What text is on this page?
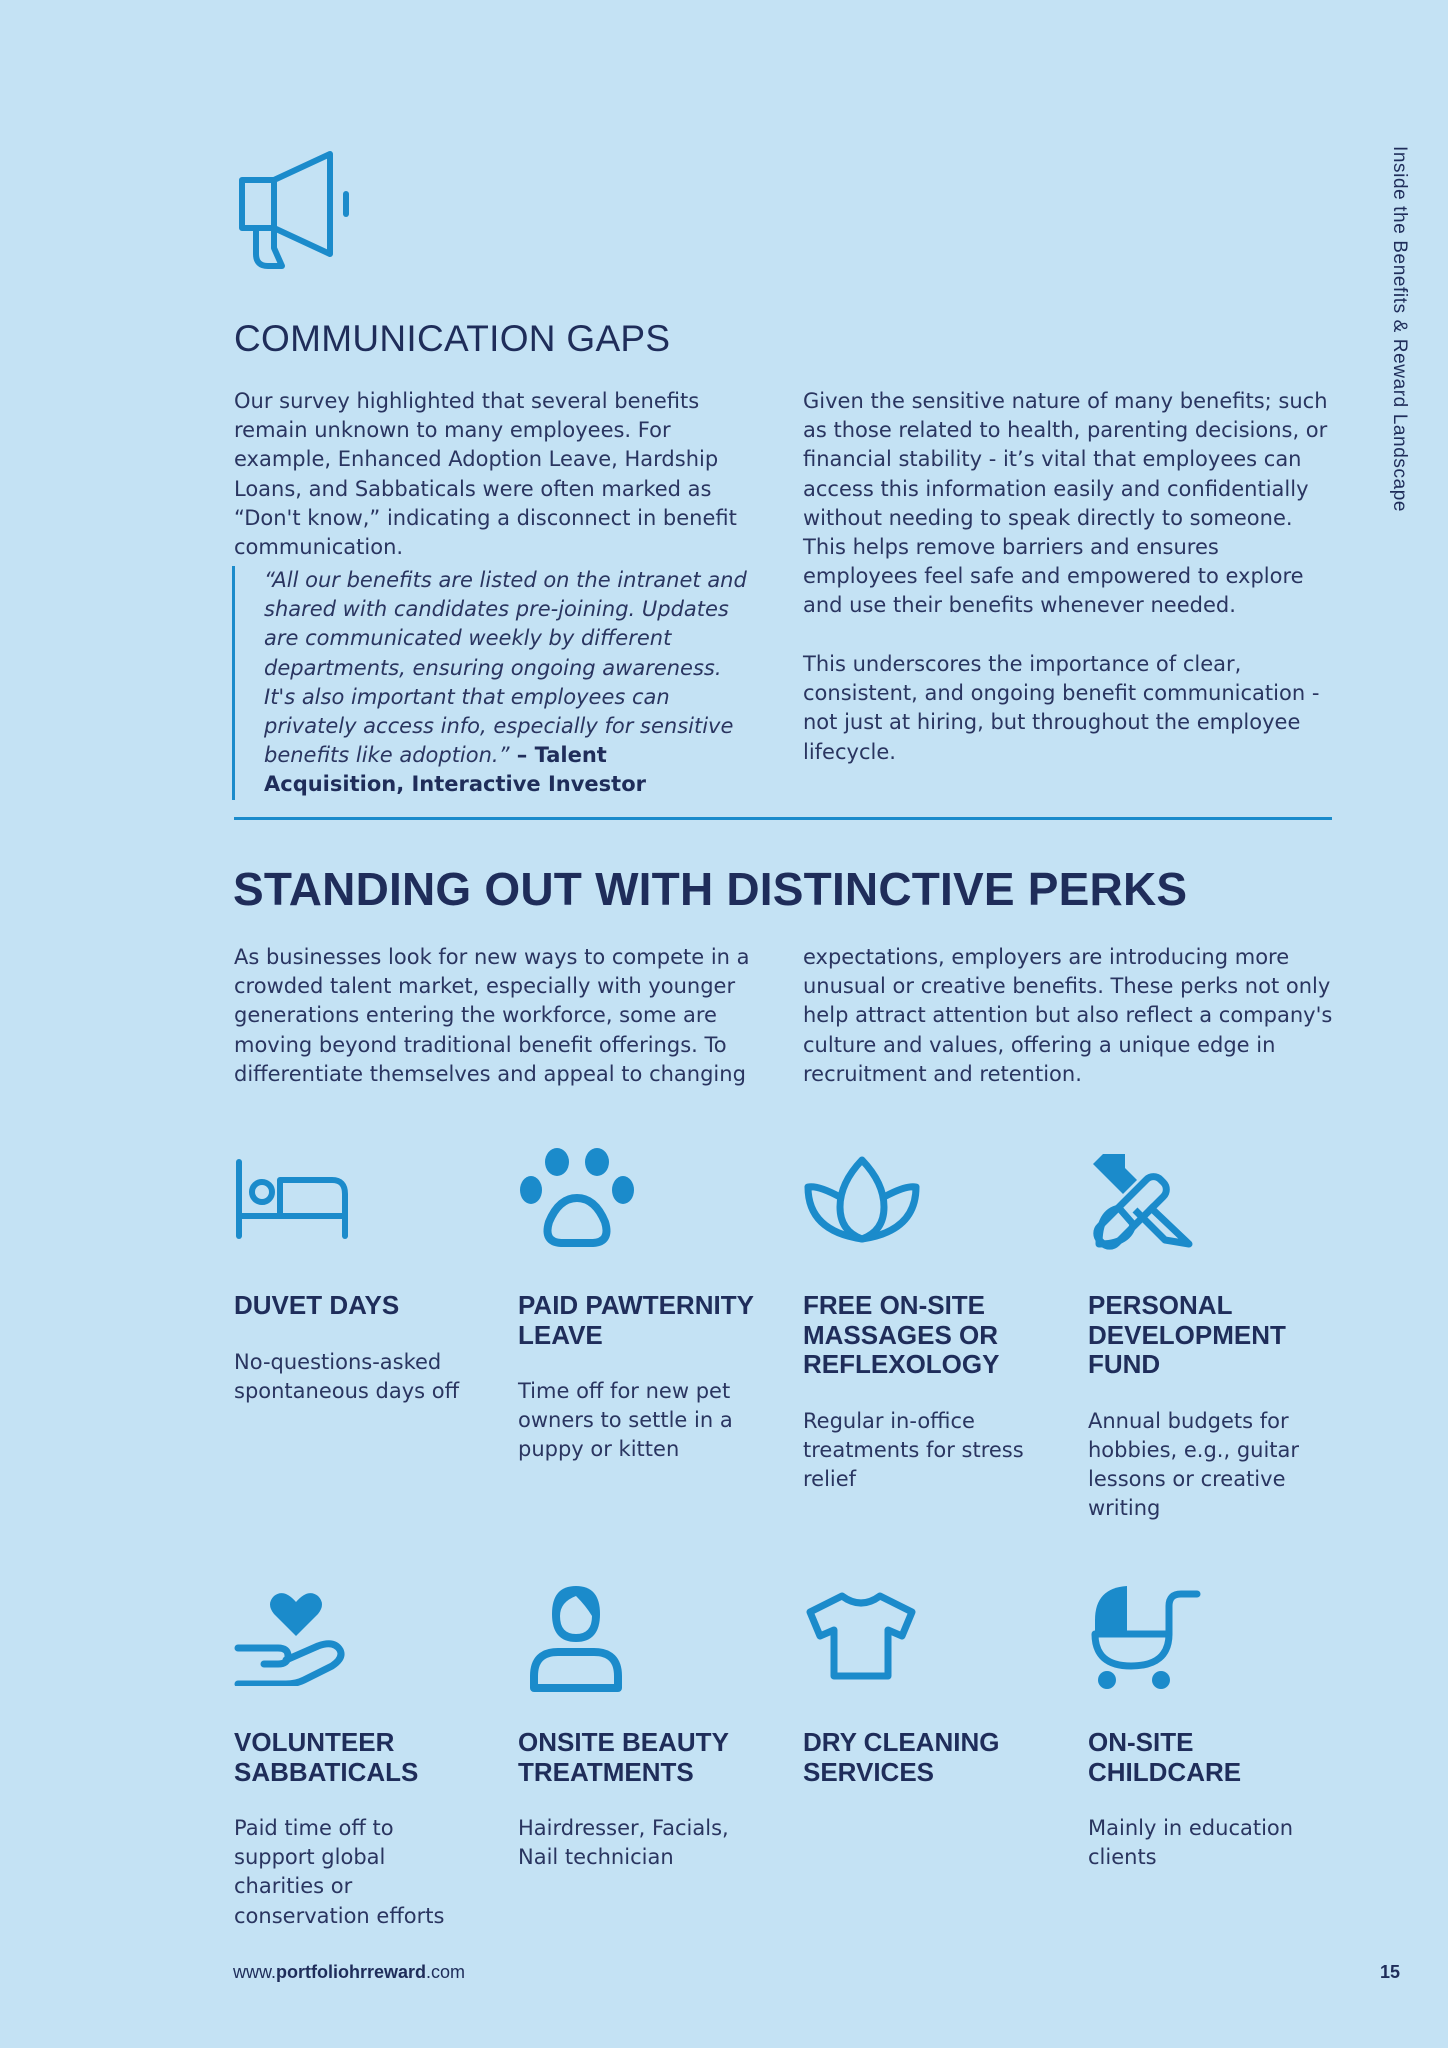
Inside the Benefits & Reward Landscape
COMMUNICATION GAPS

Our survey highlighted that several benefits remain unknown to many employees. For example, Enhanced Adoption Leave, Hardship Loans, and Sabbaticals were often marked as “Don't know,” indicating a disconnect in benefit communication.

“All our benefits are listed on the intranet and shared with candidates pre-joining. Updates are communicated weekly by different departments, ensuring ongoing awareness. It's also important that employees can privately access info, especially for sensitive benefits like adoption.” – Talent Acquisition, Interactive Investor

Given the sensitive nature of many benefits; such as those related to health, parenting decisions, or financial stability - it’s vital that employees can access this information easily and confidentially without needing to speak directly to someone. This helps remove barriers and ensures employees feel safe and empowered to explore and use their benefits whenever needed.

This underscores the importance of clear, consistent, and ongoing benefit communication - not just at hiring, but throughout the employee lifecycle.

STANDING OUT WITH DISTINCTIVE PERKS

As businesses look for new ways to compete in a crowded talent market, especially with younger generations entering the workforce, some are moving beyond traditional benefit offerings. To differentiate themselves and appeal to changing

expectations, employers are introducing more unusual or creative benefits. These perks not only help attract attention but also reflect a company's culture and values, offering a unique edge in recruitment and retention.

DUVET DAYS

No-questions-asked spontaneous days off

PAID PAWTERNITY LEAVE

Time off for new pet owners to settle in a puppy or kitten

FREE ON-SITE MASSAGES OR REFLEXOLOGY

Regular in-office treatments for stress relief

PERSONAL DEVELOPMENT FUND

Annual budgets for hobbies, e.g., guitar lessons or creative writing

VOLUNTEER SABBATICALS

Paid time off to support global charities or conservation efforts

ONSITE BEAUTY TREATMENTS

Hairdresser, Facials, Nail technician

DRY CLEANING SERVICES

ON-SITE CHILDCARE

Mainly in education clients

www.portfoliohrreward.com	15
